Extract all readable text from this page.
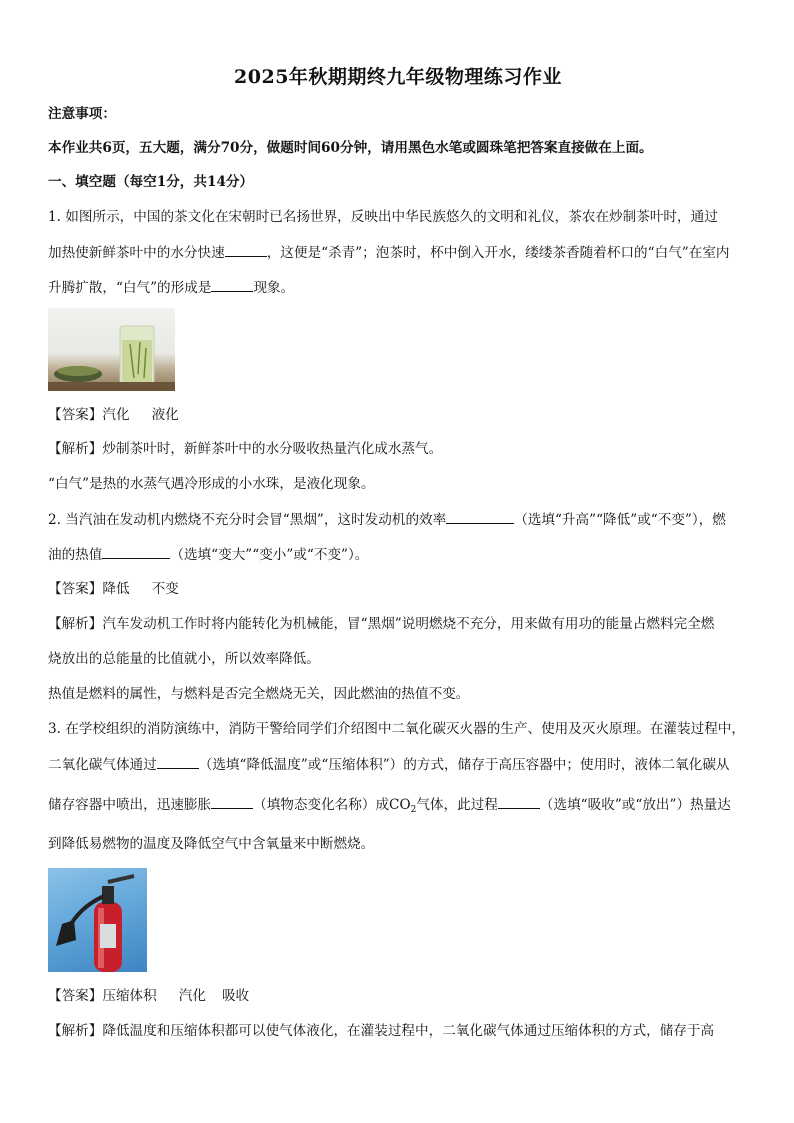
2025年秋期期终九年级物理练习作业
注意事项：
本作业共6页，五大题，满分70分，做题时间60分钟，请用黑色水笔或圆珠笔把答案直接做在上面。
一、填空题（每空1分，共14分）
1. 如图所示，中国的茶文化在宋朝时已名扬世界，反映出中华民族悠久的文明和礼仪，茶农在炒制茶叶时，通过
加热使新鲜茶叶中的水分快速	，这便是“杀青”；泡茶时，杯中倒入开水，缕缕茶香随着杯口的“白气”在室内
升腾扩散，“白气”的形成是	现象。
【答案】汽化 液化
【解析】炒制茶叶时，新鲜茶叶中的水分吸收热量汽化成水蒸气。
“白气”是热的水蒸气遇冷形成的小水珠，是液化现象。
2. 当汽油在发动机内燃烧不充分时会冒“黑烟”，这时发动机的效率	（选填“升高”“降低”或“不变”），燃
油的热值	（选填“变大”“变小”或“不变”）。
【答案】降低 不变
【解析】汽车发动机工作时将内能转化为机械能，冒“黑烟”说明燃烧不充分，用来做有用功的能量占燃料完全燃
烧放出的总能量的比值就小，所以效率降低。
热值是燃料的属性，与燃料是否完全燃烧无关，因此燃油的热值不变。
3. 在学校组织的消防演练中，消防干警给同学们介绍图中二氧化碳灭火器的生产、使用及灭火原理。在灌装过程中，
二氧化碳气体通过	（选填“降低温度”或“压缩体积”）的方式，储存于高压容器中；使用时，液体二氧化碳从
储存容器中喷出，迅速膨胀	（填物态变化名称）成$CO_2$气体，此过程	（选填“吸收”或“放出”）热量达
到降低易燃物的温度及降低空气中含氧量来中断燃烧。
【答案】压缩体积 汽化 吸收
【解析】降低温度和压缩体积都可以使气体液化，在灌装过程中，二氧化碳气体通过压缩体积的方式，储存于高
